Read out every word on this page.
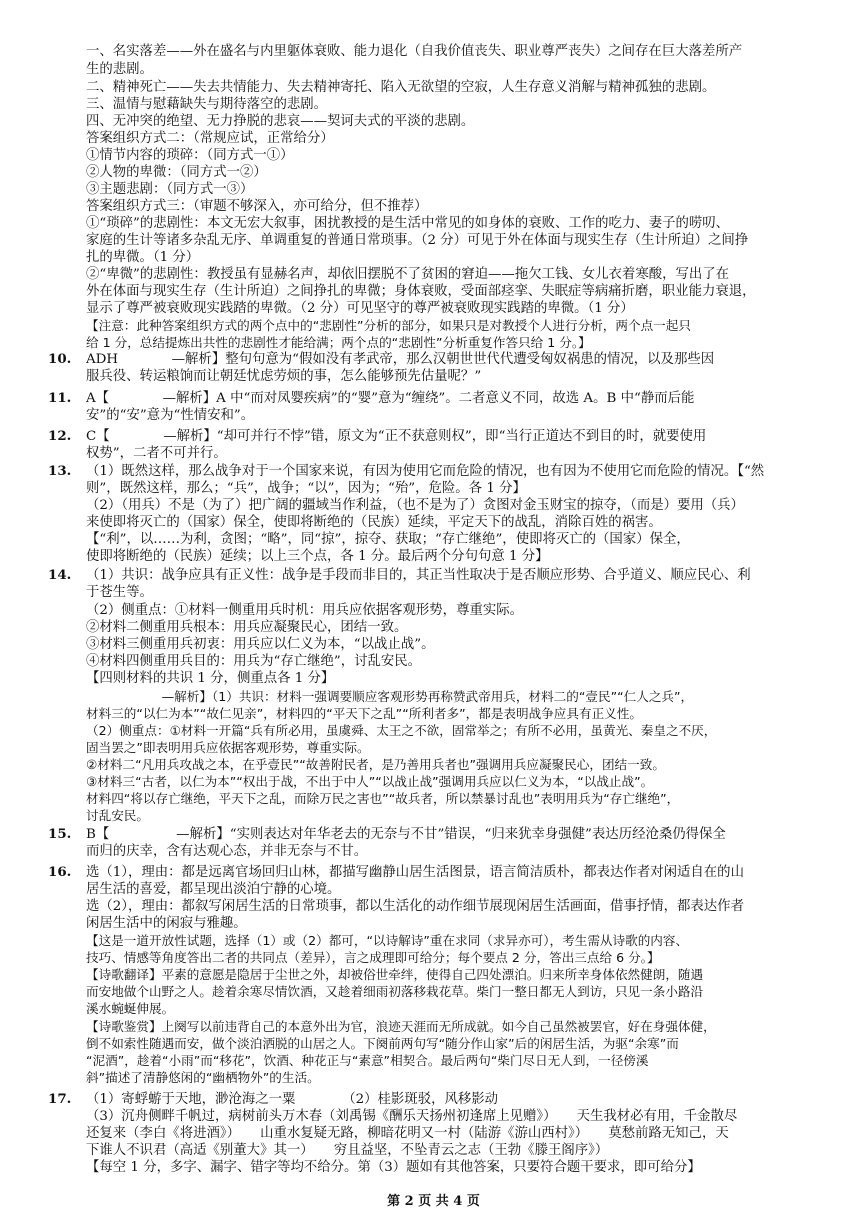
一、名实落差——外在盛名与内里躯体衰败、能力退化（自我价值丧失、职业尊严丧失）之间存在巨大落差所产
生的悲剧。
二、精神死亡——失去共情能力、失去精神寄托、陷入无欲望的空寂，人生存意义消解与精神孤独的悲剧。
三、温情与慰藉缺失与期待落空的悲剧。
四、无冲突的绝望、无力挣脱的悲哀——契诃夫式的平淡的悲剧。
答案组织方式二：（常规应试，正常给分）
①情节内容的琐碎：（同方式一①）
②人物的卑微：（同方式一②）
③主题悲剧：（同方式一③）
答案组织方式三：（审题不够深入，亦可给分，但不推荐）
①“琐碎”的悲剧性：本文无宏大叙事，困扰教授的是生活中常见的如身体的衰败、工作的吃力、妻子的唠叨、
家庭的生计等诸多杂乱无序、单调重复的普通日常琐事。（2 分）可见于外在体面与现实生存（生计所迫）之间挣
扎的卑微。（1 分）
②“卑微”的悲剧性：教授虽有显赫名声，却依旧摆脱不了贫困的窘迫——拖欠工钱、女儿衣着寒酸，写出了在
外在体面与现实生存（生计所迫）之间挣扎的卑微；身体衰败，受面部痉挛、失眠症等病痛折磨，职业能力衰退，
显示了尊严被衰败现实践踏的卑微。（2 分）可见坚守的尊严被衰败现实践踏的卑微。（1 分）
【注意：此种答案组织方式的两个点中的“悲剧性”分析的部分，如果只是对教授个人进行分析，两个点一起只
给 1 分，总结提炼出共性的悲剧性才能给满；两个点的“悲剧性”分析重复作答只给 1 分。】
10. ADH　　　　—解析】整句句意为“假如没有孝武帝，那么汉朝世世代代遭受匈奴祸患的情况，以及那些因
服兵役、转运粮饷而让朝廷忧虑劳烦的事，怎么能够预先估量呢？”
11. A【　　　　—解析】A 中“而对凤婴疾病”的“婴”意为“缠绕”。二者意义不同，故选 A。B 中“静而后能
安”的“安”意为“性情安和”。
12. C【　　　　—解析】“却可并行不悖”错，原文为“正不获意则权”，即“当行正道达不到目的时，就要使用
权势”，二者不可并行。
13. （1）既然这样，那么战争对于一个国家来说，有因为使用它而危险的情况，也有因为不使用它而危险的情况。【“然
则”，既然这样，那么；“兵”，战争；“以”，因为；“殆”，危险。各 1 分】
（2）（用兵）不是（为了）把广阔的疆域当作利益，（也不是为了）贪图对金玉财宝的掠夺，（而是）要用（兵）
来使即将灭亡的（国家）保全，使即将断绝的（民族）延续，平定天下的战乱，消除百姓的祸害。
【“利”，以……为利，贪图；“略”，同“掠”，掠夺、获取；“存亡继绝”，使即将灭亡的（国家）保全，
使即将断绝的（民族）延续；以上三个点，各 1 分。最后两个分句句意 1 分】
14. （1）共识：战争应具有正义性：战争是手段而非目的，其正当性取决于是否顺应形势、合乎道义、顺应民心、利
于苍生等。
（2）侧重点：①材料一侧重用兵时机：用兵应依据客观形势，尊重实际。
②材料二侧重用兵根本：用兵应凝聚民心，团结一致。
③材料三侧重用兵初衷：用兵应以仁义为本，“以战止战”。
④材料四侧重用兵目的：用兵为“存亡继绝”，讨乱安民。
【四则材料的共识 1 分，侧重点各 1 分】
　　　　　　—解析】（1）共识：材料一强调要顺应客观形势再称赞武帝用兵，材料二的“壹民”“仁人之兵”，
材料三的“以仁为本”“故仁见亲”，材料四的“平天下之乱”“所利者多”，都是表明战争应具有正义性。
（2）侧重点：①材料一开篇“兵有所必用，虽虞舜、太王之不欲，固常举之；有所不必用，虽黄光、秦皇之不厌，
固当罢之”即表明用兵应依据客观形势，尊重实际。
②材料二“凡用兵攻战之本，在乎壹民”“故善附民者，是乃善用兵者也”强调用兵应凝聚民心，团结一致。
③材料三“古者，以仁为本”“权出于战，不出于中人”“以战止战”强调用兵应以仁义为本，“以战止战”。
材料四“将以存亡继绝，平天下之乱，而除万民之害也”“故兵者，所以禁暴讨乱也”表明用兵为“存亡继绝”，
讨乱安民。
15. B【　　　　　—解析】“实则表达对年华老去的无奈与不甘”错误，“归来犹幸身强健”表达历经沧桑仍得保全
而归的庆幸，含有达观心态，并非无奈与不甘。
16. 选（1），理由：都是远离官场回归山林，都描写幽静山居生活图景，语言简洁质朴，都表达作者对闲适自在的山
居生活的喜爱，都呈现出淡泊宁静的心境。
选（2），理由：都叙写闲居生活的日常琐事，都以生活化的动作细节展现闲居生活画面，借事抒情，都表达作者
闲居生活中的闲寂与雅趣。
【这是一道开放性试题，选择（1）或（2）都可，“以诗解诗”重在求同（求异亦可），考生需从诗歌的内容、
技巧、情感等角度答出二者的共同点（差异），言之成理即可给分；每个要点 2 分，答出三点给 6 分。】
【诗歌翻译】平素的意愿是隐居于尘世之外，却被俗世牵绊，使得自己四处漂泊。归来所幸身体依然健朗，随遇
而安地做个山野之人。趁着余寒尽情饮酒，又趁着细雨初落移栽花草。柴门一整日都无人到访，只见一条小路沿
溪水蜿蜒伸展。
【诗歌鉴赏】上阕写以前违背自己的本意外出为官，浪迹天涯而无所成就。如今自己虽然被罢官，好在身强体健，
倒不如索性随遇而安，做个淡泊洒脱的山居之人。下阕前两句写“随分作山家”后的闲居生活，为驱“余寒”而
“泥酒”，趁着“小雨”而“移花”，饮酒、种花正与“素意”相契合。最后两句“柴门尽日无人到，一径傍溪
斜”描述了清静悠闲的“幽栖物外”的生活。
17. （1）寄蜉蝣于天地，渺沧海之一粟　　　　（2）桂影斑驳，风移影动
（3）沉舟侧畔千帆过，病树前头万木春（刘禹锡《酬乐天扬州初逢席上见赠》）　　天生我材必有用，千金散尽
还复来（李白《将进酒》）　　山重水复疑无路，柳暗花明又一村（陆游《游山西村》）　　莫愁前路无知己，天
下谁人不识君（高适《别董大》其一）　　穷且益坚，不坠青云之志（王勃《滕王阁序》）
【每空 1 分，多字、漏字、错字等均不给分。第（3）题如有其他答案，只要符合题干要求，即可给分】
第 2 页 共 4 页
